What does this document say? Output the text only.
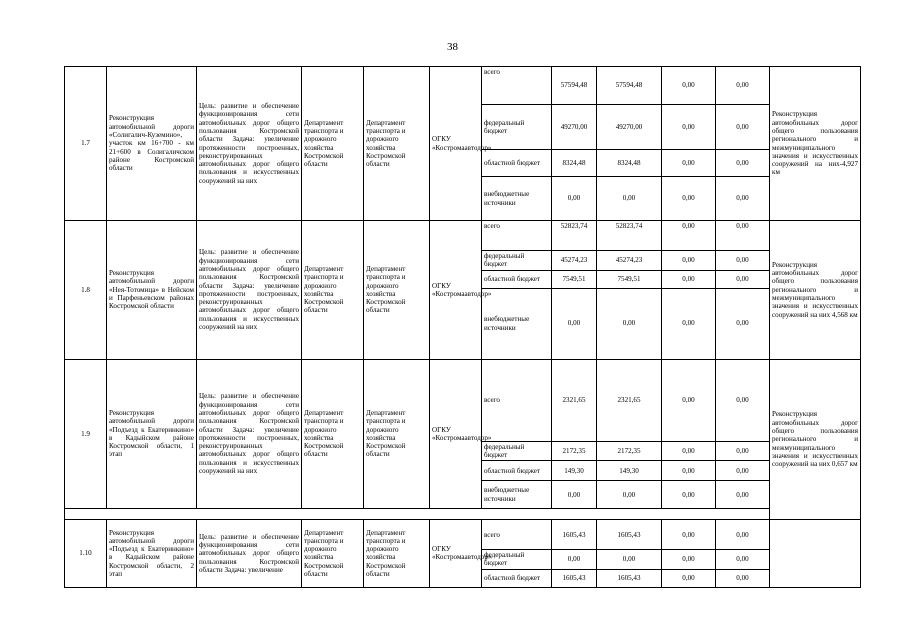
38
1.7	Реконструкция автомобильной дороги «Солигалич-Куземино», участок км 16+700 - км 21+600 в Солигаличском районе Костромской области	Цель: развитие и обеспечение функционирования сети автомобильных дорог общего пользования Костромской области Задача: увеличение протяженности построенных, реконструированных автомобильных дорог общего пользования и искусственных сооружений на них	Департамент транспорта и дорожного хозяйства Костромской области	Департамент транспорта и дорожного хозяйства Костромской области	ОГКУ «Костромаавтодор»	всего	57594,48	57594,48	0,00	0,00	Реконструкция автомобильных дорог общего пользования регионального и межмуниципального значения и искусственных сооружений на них-4,927 км
						федеральный бюджет	49270,00	49270,00	0,00	0,00	
						областной бюджет	8324,48	8324,48	0,00	0,00	
						внебюджетные источники	0,00	0,00	0,00	0,00	
1.8	Реконструкция автомобильной дороги «Нея-Тотомица» в Нейском и Парфеньевском районах Костромской области	Цель: развитие и обеспечение функционирования сети автомобильных дорог общего пользования Костромской области Задача: увеличение протяженности построенных, реконструированных автомобильных дорог общего пользования и искусственных сооружений на них	Департамент транспорта и дорожного хозяйства Костромской области	Департамент транспорта и дорожного хозяйства Костромской области	ОГКУ «Костромаавтодор»	всего	52823,74	52823,74	0,00	0,00	Реконструкция автомобильных дорог общего пользования регионального и межмуниципального значения и искусственных сооружений на них 4,568 км
						федеральный бюджет	45274,23	45274,23	0,00	0,00	
						областной бюджет	7549,51	7549,51	0,00	0,00	
						внебюджетные источники	0,00	0,00	0,00	0,00	
1.9	Реконструкция автомобильной дороги «Подъезд к Екатеринкино» в Кадыйском районе Костромской области, 1 этап	Цель: развитие и обеспечение функционирования сети автомобильных дорог общего пользования Костромской области Задача: увеличение протяженности построенных, реконструированных автомобильных дорог общего пользования и искусственных сооружений на них	Департамент транспорта и дорожного хозяйства Костромской области	Департамент транспорта и дорожного хозяйства Костромской области	ОГКУ «Костромаавтодор»	всего	2321,65	2321,65	0,00	0,00	Реконструкция автомобильных дорог общего пользования регионального и межмуниципального значения и искусственных сооружений на них 0,657 км
						федеральный бюджет	2172,35	2172,35	0,00	0,00	
						областной бюджет	149,30	149,30	0,00	0,00	
						внебюджетные источники	0,00	0,00	0,00	0,00	

1.10	Реконструкция автомобильной дороги «Подъезд к Екатеринкино» в Кадыйском районе Костромской области, 2 этап	Цель: развитие и обеспечение функционирования сети автомобильных дорог общего пользования Костромской области Задача: увеличение	Департамент транспорта и дорожного хозяйства Костромской области	Департамент транспорта и дорожного хозяйства Костромской области	ОГКУ «Костромаавтодор»	всего	1605,43	1605,43	0,00	0,00	
						федеральный бюджет	0,00	0,00	0,00	0,00	
						областной бюджет	1605,43	1605,43	0,00	0,00	
